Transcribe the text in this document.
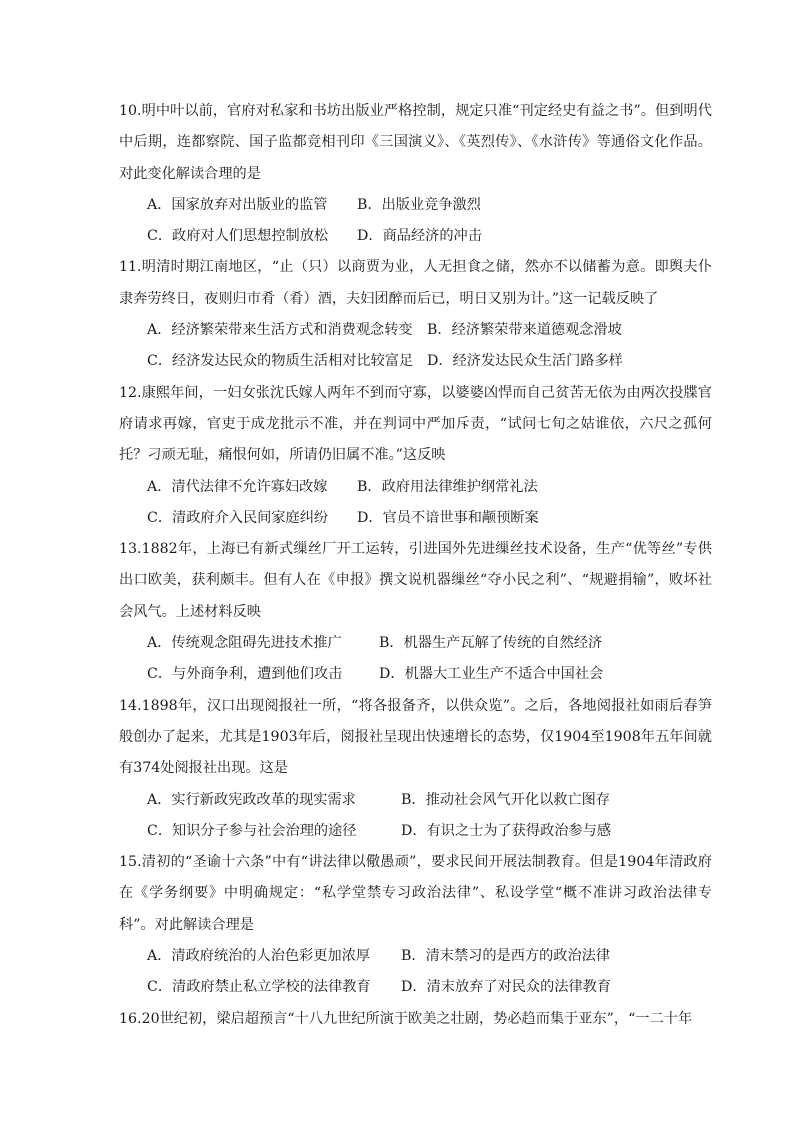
10.明中叶以前，官府对私家和书坊出版业严格控制，规定只准“刊定经史有益之书”。但到明代中后期，连都察院、国子监都竞相刊印《三国演义》、《英烈传》、《水浒传》等通俗文化作品。对此变化解读合理的是

A．国家放弃对出版业的监管	B．出版业竞争激烈
C．政府对人们思想控制放松	D．商品经济的冲击

11.明清时期江南地区，“止（只）以商贾为业，人无担食之储，然亦不以储蓄为意。即舆夫仆隶奔劳终日，夜则归市肴（肴）酒，夫妇团醉而后已，明日又别为计。”这一记载反映了

A．经济繁荣带来生活方式和消费观念转变	B．经济繁荣带来道德观念滑坡
C．经济发达民众的物质生活相对比较富足 D．经济发达民众生活门路多样

12.康熙年间，一妇女张沈氏嫁人两年不到而守寡，以婆婆凶悍而自己贫苦无依为由两次投牒官府请求再嫁，官吏于成龙批示不准，并在判词中严加斥责，“试问七旬之姑谁依，六尺之孤何托？刁顽无耻，痛恨何如，所请仍旧属不准。”这反映

A．清代法律不允许寡妇改嫁	B．政府用法律维护纲常礼法
C．清政府介入民间家庭纠纷	D．官员不谙世事和颟顸断案

13.1882年，上海已有新式缫丝厂开工运转，引进国外先进缫丝技术设备，生产“优等丝”专供出口欧美，获利颇丰。但有人在《申报》撰文说机器缫丝“夺小民之利”、“规避捐输”，败坏社会风气。上述材料反映

A．传统观念阻碍先进技术推广	B．机器生产瓦解了传统的自然经济
C．与外商争利，遭到他们攻击	D．机器大工业生产不适合中国社会

14.1898年，汉口出现阅报社一所，“将各报备齐，以供众览”。之后，各地阅报社如雨后春笋般创办了起来，尤其是1903年后，阅报社呈现出快速增长的态势，仅1904至1908年五年间就有374处阅报社出现。这是

A．实行新政宪政改革的现实需求	B．推动社会风气开化以救亡图存
C．知识分子参与社会治理的途径	D．有识之士为了获得政治参与感

15.清初的“圣谕十六条”中有“讲法律以儆愚顽”，要求民间开展法制教育。但是1904年清政府在《学务纲要》中明确规定：“私学堂禁专习政治法律”、私设学堂“概不准讲习政治法律专科”。对此解读合理是

A．清政府统治的人治色彩更加浓厚	B．清末禁习的是西方的政治法律
C．清政府禁止私立学校的法律教育	D．清末放弃了对民众的法律教育

16.20世纪初，梁启超预言“十八九世纪所演于欧美之壮剧，势必趋而集于亚东”，“一二十年
